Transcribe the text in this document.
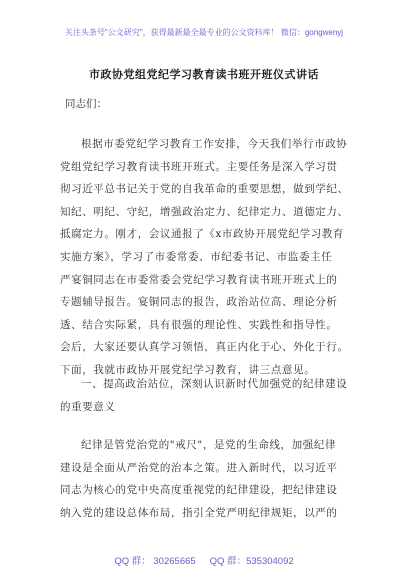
关注头条号"公文研究"，获得最新最全最专业的公文资料库！ 微信：gongwenyj
市政协党组党纪学习教育读书班开班仪式讲话
同志们：
根据市委党纪学习教育工作安排，今天我们举行市政协
党组党纪学习教育读书班开班式。主要任务是深入学习贯
彻习近平总书记关于党的自我革命的重要思想，做到学纪、
知纪、明纪、守纪，增强政治定力、纪律定力、道德定力、
抵腐定力。刚才，会议通报了《x市政协开展党纪学习教育
实施方案》，学习了市委常委、市纪委书记、市监委主任
严宴铜同志在市委常委会党纪学习教育读书班开班式上的
专题辅导报告。宴铜同志的报告，政治站位高、理论分析
透、结合实际紧，具有很强的理论性、实践性和指导性。
会后，大家还要认真学习领悟，真正内化于心、外化于行。
下面，我就市政协开展党纪学习教育，讲三点意见。
一、提高政治站位，深刻认识新时代加强党的纪律建设
的重要意义
纪律是管党治党的"戒尺"，是党的生命线，加强纪律
建设是全面从严治党的治本之策。进入新时代，以习近平
同志为核心的党中央高度重视党的纪律建设，把纪律建设
纳入党的建设总体布局，指引全党严明纪律规矩，以严的
QQ 群： 30265665 QQ 群：535304092
